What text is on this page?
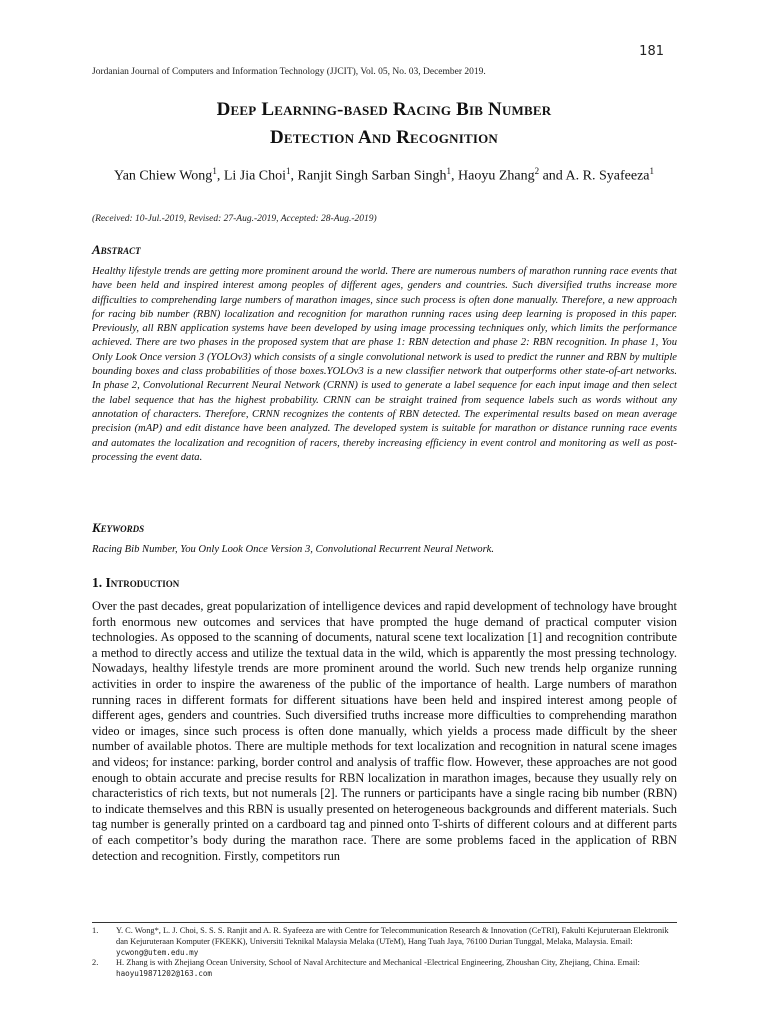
181
Jordanian Journal of Computers and Information Technology (JJCIT), Vol. 05, No. 03, December 2019.
Deep Learning-based Racing Bib Number
Detection And Recognition
Yan Chiew Wong$^1$, Li Jia Choi$^1$, Ranjit Singh Sarban Singh$^1$, Haoyu Zhang$^2$ and A. R. Syafeeza$^1$
(Received: 10-Jul.-2019, Revised: 27-Aug.-2019, Accepted: 28-Aug.-2019)
Abstract
Healthy lifestyle trends are getting more prominent around the world. There are numerous numbers of marathon running race events that have been held and inspired interest among peoples of different ages, genders and countries. Such diversified truths increase more difficulties to comprehending large numbers of marathon images, since such process is often done manually. Therefore, a new approach for racing bib number (RBN) localization and recognition for marathon running races using deep learning is proposed in this paper. Previously, all RBN application systems have been developed by using image processing techniques only, which limits the performance achieved. There are two phases in the proposed system that are phase 1: RBN detection and phase 2: RBN recognition. In phase 1, You Only Look Once version 3 (YOLOv3) which consists of a single convolutional network is used to predict the runner and RBN by multiple bounding boxes and class probabilities of those boxes.YOLOv3 is a new classifier network that outperforms other state-of-art networks. In phase 2, Convolutional Recurrent Neural Network (CRNN) is used to generate a label sequence for each input image and then select the label sequence that has the highest probability. CRNN can be straight trained from sequence labels such as words without any annotation of characters. Therefore, CRNN recognizes the contents of RBN detected. The experimental results based on mean average precision (mAP) and edit distance have been analyzed. The developed system is suitable for marathon or distance running race events and automates the localization and recognition of racers, thereby increasing efficiency in event control and monitoring as well as post-processing the event data.
Keywords
Racing Bib Number, You Only Look Once Version 3, Convolutional Recurrent Neural Network.
1. Introduction
Over the past decades, great popularization of intelligence devices and rapid development of technology have brought forth enormous new outcomes and services that have prompted the huge demand of practical computer vision technologies. As opposed to the scanning of documents, natural scene text localization [1] and recognition contribute a method to directly access and utilize the textual data in the wild, which is apparently the most pressing technology. Nowadays, healthy lifestyle trends are more prominent around the world. Such new trends help organize running activities in order to inspire the awareness of the public of the importance of health. Large numbers of marathon running races in different formats for different situations have been held and inspired interest among people of different ages, genders and countries. Such diversified truths increase more difficulties to comprehending marathon video or images, since such process is often done manually, which yields a process made difficult by the sheer number of available photos. There are multiple methods for text localization and recognition in natural scene images and videos; for instance: parking, border control and analysis of traffic flow. However, these approaches are not good enough to obtain accurate and precise results for RBN localization in marathon images, because they usually rely on characteristics of rich texts, but not numerals [2]. The runners or participants have a single racing bib number (RBN) to indicate themselves and this RBN is usually presented on heterogeneous backgrounds and different materials. Such tag number is generally printed on a cardboard tag and pinned onto T-shirts of different colours and at different parts of each competitor’s body during the marathon race. There are some problems faced in the application of RBN detection and recognition. Firstly, competitors run
1.	Y. C. Wong*, L. J. Choi, S. S. S. Ranjit and A. R. Syafeeza are with Centre for Telecommunication Research & Innovation (CeTRI), Fakulti Kejuruteraan Elektronik dan Kejuruteraan Komputer (FKEKK), Universiti Teknikal Malaysia Melaka (UTeM), Hang Tuah Jaya, 76100 Durian Tunggal, Melaka, Malaysia. Email: ycwong@utem.edu.my
2.	H. Zhang is with Zhejiang Ocean University, School of Naval Architecture and Mechanical -Electrical Engineering, Zhoushan City, Zhejiang, China. Email: haoyu19871202@163.com
